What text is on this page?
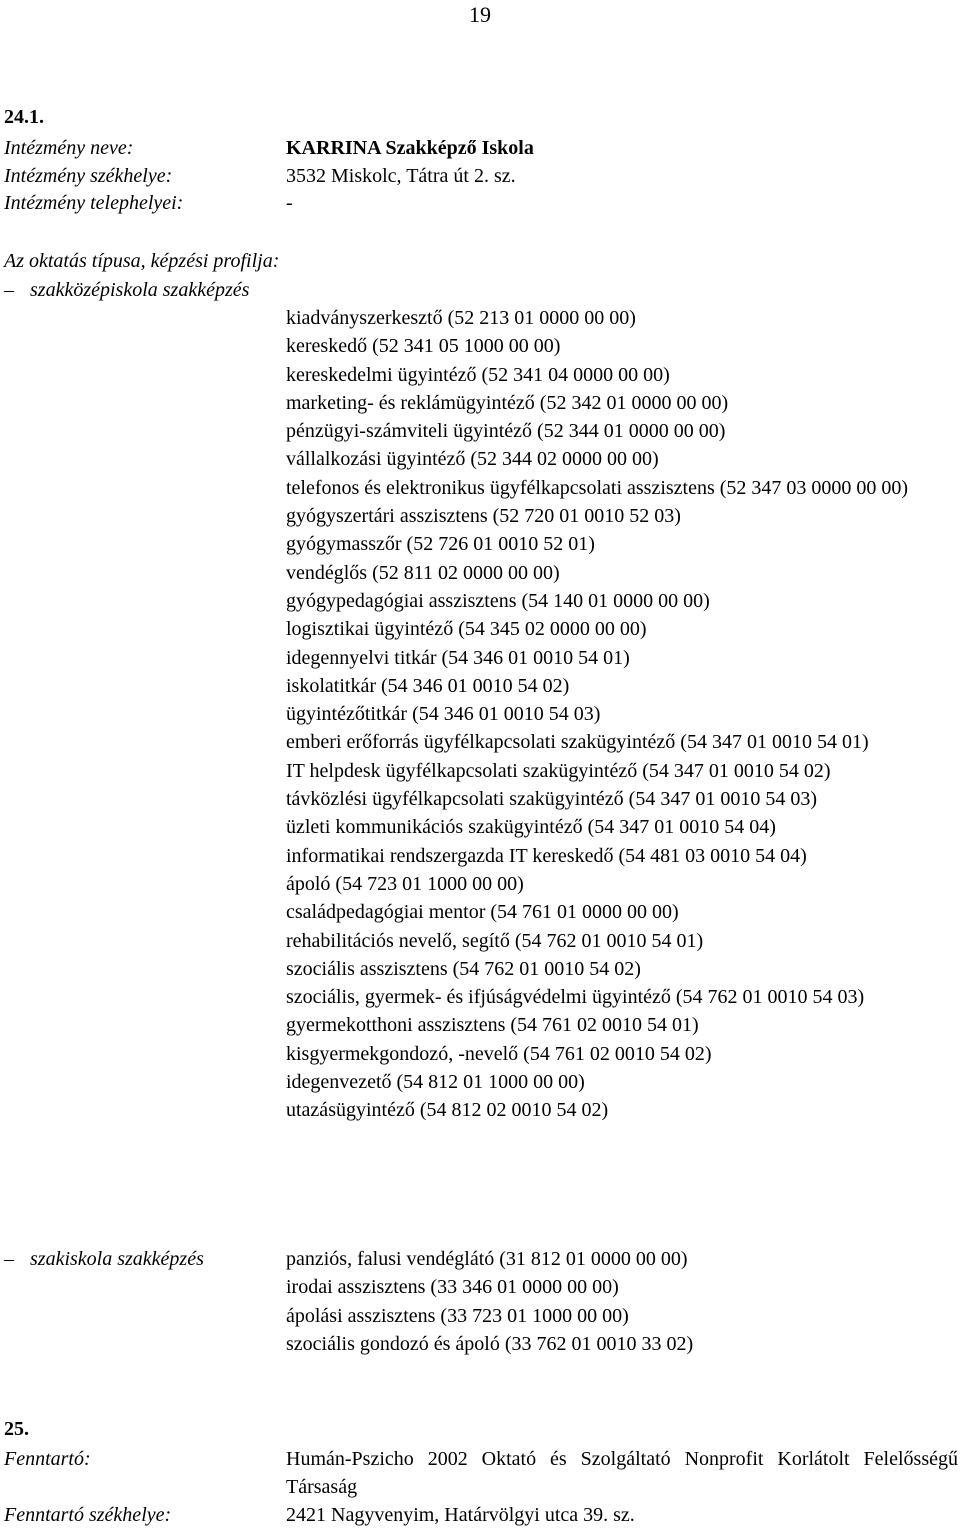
19
24.1.
Intézmény neve:	KARRINA Szakképző Iskola
Intézmény székhelye:	3532 Miskolc, Tátra út 2. sz.
Intézmény telephelyei:	-
Az oktatás típusa, képzési profilja:
– szakközépiskola szakképzés
kiadványszerkesztő (52 213 01 0000 00 00)
kereskedő (52 341 05 1000 00 00)
kereskedelmi ügyintéző (52 341 04 0000 00 00)
marketing- és reklámügyintéző (52 342 01 0000 00 00)
pénzügyi-számviteli ügyintéző (52 344 01 0000 00 00)
vállalkozási ügyintéző (52 344 02 0000 00 00)
telefonos és elektronikus ügyfélkapcsolati asszisztens (52 347 03 0000 00 00)
gyógyszertári asszisztens (52 720 01 0010 52 03)
gyógymasszőr (52 726 01 0010 52 01)
vendéglős (52 811 02 0000 00 00)
gyógypedagógiai asszisztens (54 140 01 0000 00 00)
logisztikai ügyintéző (54 345 02 0000 00 00)
idegennyelvi titkár (54 346 01 0010 54 01)
iskolatitkár (54 346 01 0010 54 02)
ügyintézőtitkár (54 346 01 0010 54 03)
emberi erőforrás ügyfélkapcsolati szakügyintéző (54 347 01 0010 54 01)
IT helpdesk ügyfélkapcsolati szakügyintéző (54 347 01 0010 54 02)
távközlési ügyfélkapcsolati szakügyintéző (54 347 01 0010 54 03)
üzleti kommunikációs szakügyintéző (54 347 01 0010 54 04)
informatikai rendszergazda IT kereskedő (54 481 03 0010 54 04)
ápoló (54 723 01 1000 00 00)
családpedagógiai mentor (54 761 01 0000 00 00)
rehabilitációs nevelő, segítő (54 762 01 0010 54 01)
szociális asszisztens (54 762 01 0010 54 02)
szociális, gyermek- és ifjúságvédelmi ügyintéző (54 762 01 0010 54 03)
gyermekotthoni asszisztens (54 761 02 0010 54 01)
kisgyermekgondozó, -nevelő (54 761 02 0010 54 02)
idegenvezető (54 812 01 1000 00 00)
utazásügyintéző (54 812 02 0010 54 02)
– szakiskola szakképzés	panziós, falusi vendéglátó (31 812 01 0000 00 00)
irodai asszisztens (33 346 01 0000 00 00)
ápolási asszisztens (33 723 01 1000 00 00)
szociális gondozó és ápoló (33 762 01 0010 33 02)
25.
Fenntartó:	Humán-Pszicho 2002 Oktató és Szolgáltató Nonprofit Korlátolt Felelősségű Társaság
Fenntartó székhelye:	2421 Nagyvenyim, Határvölgyi utca 39. sz.
